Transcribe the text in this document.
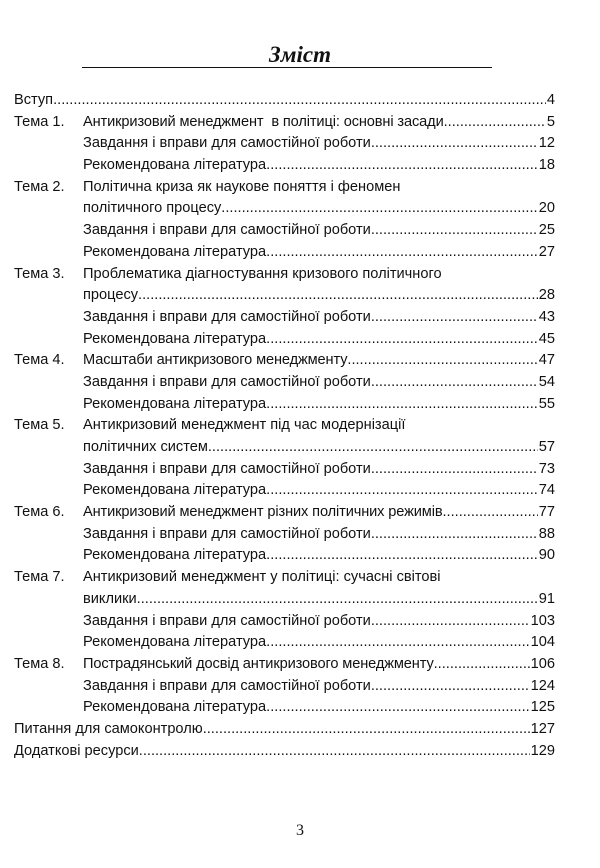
Зміст
Вступ .....	4
Тема 1.	Антикризовий менеджмент  в політиці: основні засади .....	5
Завдання і вправи для самостійної роботи .....	12
Рекомендована література .....	18
Тема 2.	Політична криза як наукове поняття і феномен
політичного процесу .....	20
Завдання і вправи для самостійної роботи .....	25
Рекомендована література .....	27
Тема 3.	Проблематика діагностування кризового політичного
процесу .....	28
Завдання і вправи для самостійної роботи .....	43
Рекомендована література .....	45
Тема 4.	Масштаби антикризового менеджменту .....	47
Завдання і вправи для самостійної роботи .....	54
Рекомендована література .....	55
Тема 5.	Антикризовий менеджмент під час модернізації
політичних систем .....	57
Завдання і вправи для самостійної роботи .....	73
Рекомендована література .....	74
Тема 6.	Антикризовий менеджмент різних політичних режимів .....	77
Завдання і вправи для самостійної роботи .....	88
Рекомендована література .....	90
Тема 7.	Антикризовий менеджмент у політиці: сучасні світові
виклики .....	91
Завдання і вправи для самостійної роботи .....	103
Рекомендована література .....	104
Тема 8.	Пострадянський досвід антикризового менеджменту .....	106
Завдання і вправи для самостійної роботи .....	124
Рекомендована література .....	125
Питання для самоконтролю .....	127
Додаткові ресурси .....	129
3
